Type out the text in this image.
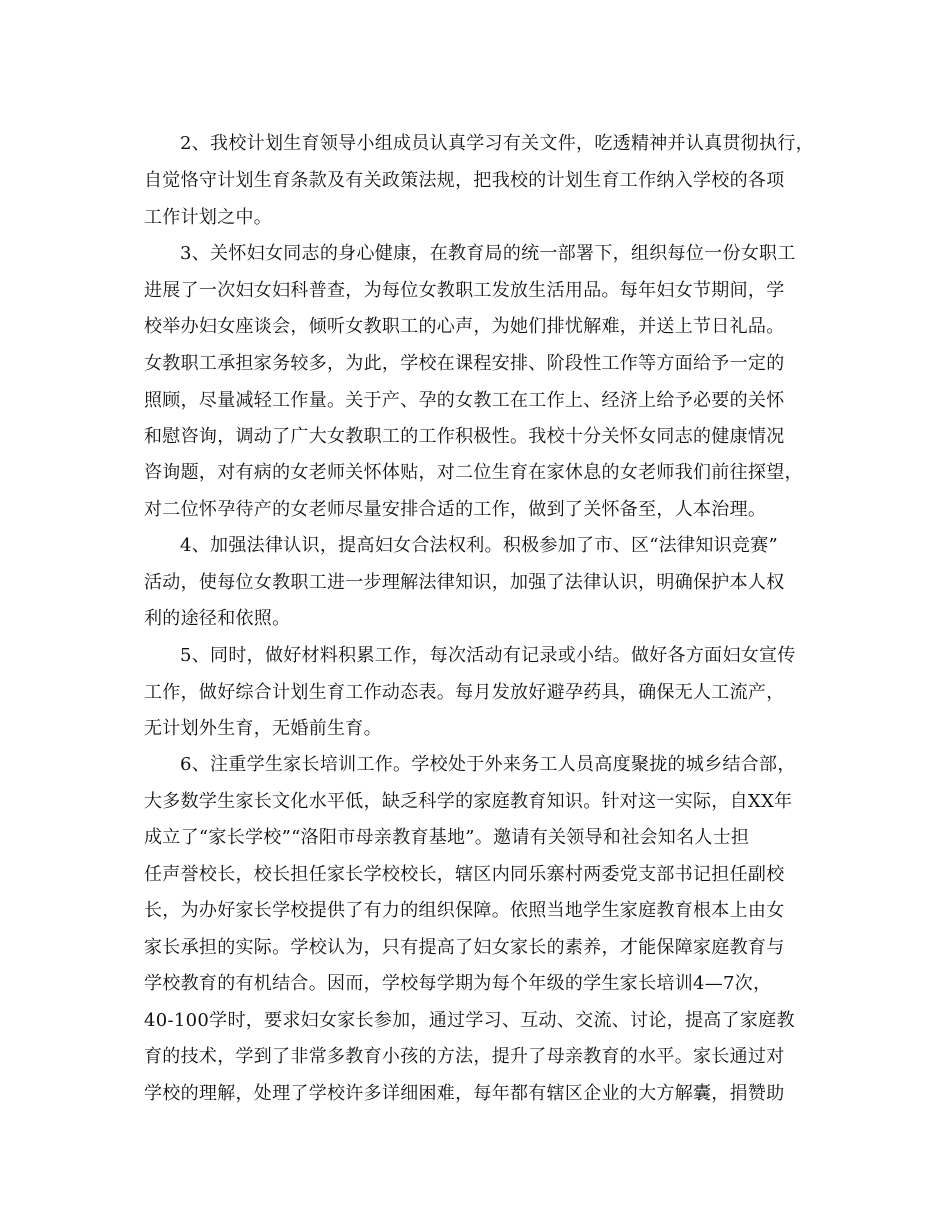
2、我校计划生育领导小组成员认真学习有关文件，吃透精神并认真贯彻执行，
自觉恪守计划生育条款及有关政策法规，把我校的计划生育工作纳入学校的各项
工作计划之中。
3、关怀妇女同志的身心健康，在教育局的统一部署下，组织每位一份女职工
进展了一次妇女妇科普查，为每位女教职工发放生活用品。每年妇女节期间，学
校举办妇女座谈会，倾听女教职工的心声，为她们排忧解难，并送上节日礼品。
女教职工承担家务较多，为此，学校在课程安排、阶段性工作等方面给予一定的
照顾，尽量减轻工作量。关于产、孕的女教工在工作上、经济上给予必要的关怀
和慰咨询，调动了广大女教职工的工作积极性。我校十分关怀女同志的健康情况
咨询题，对有病的女老师关怀体贴，对二位生育在家休息的女老师我们前往探望，
对二位怀孕待产的女老师尽量安排合适的工作，做到了关怀备至，人本治理。
4、加强法律认识，提高妇女合法权利。积极参加了市、区“法律知识竞赛”
活动，使每位女教职工进一步理解法律知识，加强了法律认识，明确保护本人权
利的途径和依照。
5、同时，做好材料积累工作，每次活动有记录或小结。做好各方面妇女宣传
工作，做好综合计划生育工作动态表。每月发放好避孕药具，确保无人工流产，
无计划外生育，无婚前生育。
6、注重学生家长培训工作。学校处于外来务工人员高度聚拢的城乡结合部，
大多数学生家长文化水平低，缺乏科学的家庭教育知识。针对这一实际，自XX年
成立了“家长学校”“洛阳市母亲教育基地”。邀请有关领导和社会知名人士担
任声誉校长，校长担任家长学校校长，辖区内同乐寨村两委党支部书记担任副校
长，为办好家长学校提供了有力的组织保障。依照当地学生家庭教育根本上由女
家长承担的实际。学校认为，只有提高了妇女家长的素养，才能保障家庭教育与
学校教育的有机结合。因而，学校每学期为每个年级的学生家长培训4—7次，
40-100学时，要求妇女家长参加，通过学习、互动、交流、讨论，提高了家庭教
育的技术，学到了非常多教育小孩的方法，提升了母亲教育的水平。家长通过对
学校的理解，处理了学校许多详细困难，每年都有辖区企业的大方解囊，捐赞助
